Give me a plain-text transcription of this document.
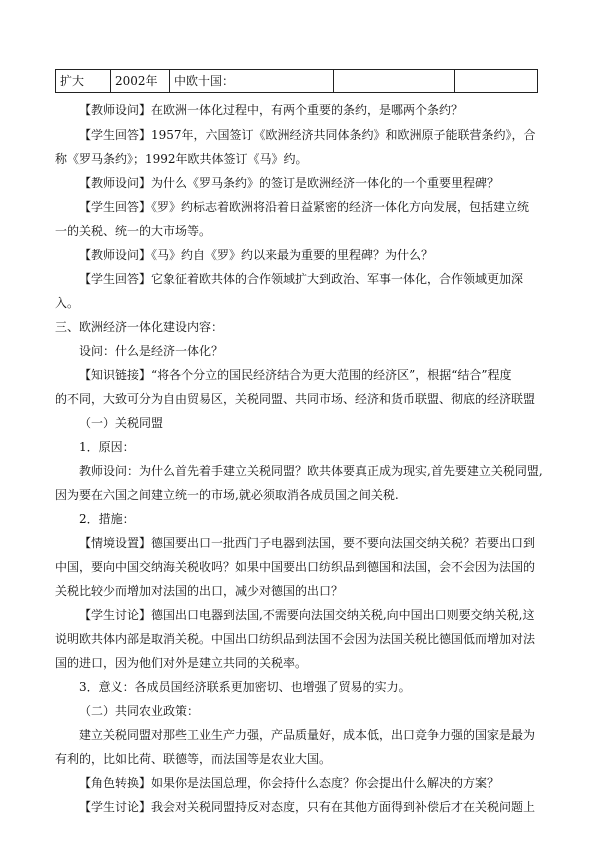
扩大	2002年	中欧十国：		
【教师设问】在欧洲一体化过程中，有两个重要的条约，是哪两个条约？
【学生回答】1957年，六国签订《欧洲经济共同体条约》和欧洲原子能联营条约》，合
称《罗马条约》；1992年欧共体签订《马》约。
【教师设问】为什么《罗马条约》的签订是欧洲经济一体化的一个重要里程碑？
【学生回答】《罗》约标志着欧洲将沿着日益紧密的经济一体化方向发展，包括建立统
一的关税、统一的大市场等。
【教师设问】《马》约自《罗》约以来最为重要的里程碑？为什么？
【学生回答】它象征着欧共体的合作领域扩大到政治、军事一体化，合作领域更加深
入。
三、欧洲经济一体化建设内容：
设问：什么是经济一体化？
【知识链接】“将各个分立的国民经济结合为更大范围的经济区”，根据“结合”程度
的不同，大致可分为自由贸易区，关税同盟、共同市场、经济和货币联盟、彻底的经济联盟
（一）关税同盟
1．原因：
教师设问：为什么首先着手建立关税同盟？欧共体要真正成为现实,首先要建立关税同盟,
因为要在六国之间建立统一的市场,就必须取消各成员国之间关税.
2．措施：
【情境设置】德国要出口一批西门子电器到法国，要不要向法国交纳关税？若要出口到
中国，要向中国交纳海关税收吗？如果中国要出口纺织品到德国和法国，会不会因为法国的
关税比较少而增加对法国的出口，减少对德国的出口？
【学生讨论】德国出口电器到法国,不需要向法国交纳关税,向中国出口则要交纳关税,这
说明欧共体内部是取消关税。中国出口纺织品到法国不会因为法国关税比德国低而增加对法
国的进口，因为他们对外是建立共同的关税率。
3．意义：各成员国经济联系更加密切、也增强了贸易的实力。
（二）共同农业政策：
建立关税同盟对那些工业生产力强，产品质量好，成本低，出口竞争力强的国家是最为
有利的，比如比荷、联德等，而法国等是农业大国。
【角色转换】如果你是法国总理，你会持什么态度？你会提出什么解决的方案？
【学生讨论】我会对关税同盟持反对态度，只有在其他方面得到补偿后才在关税问题上
